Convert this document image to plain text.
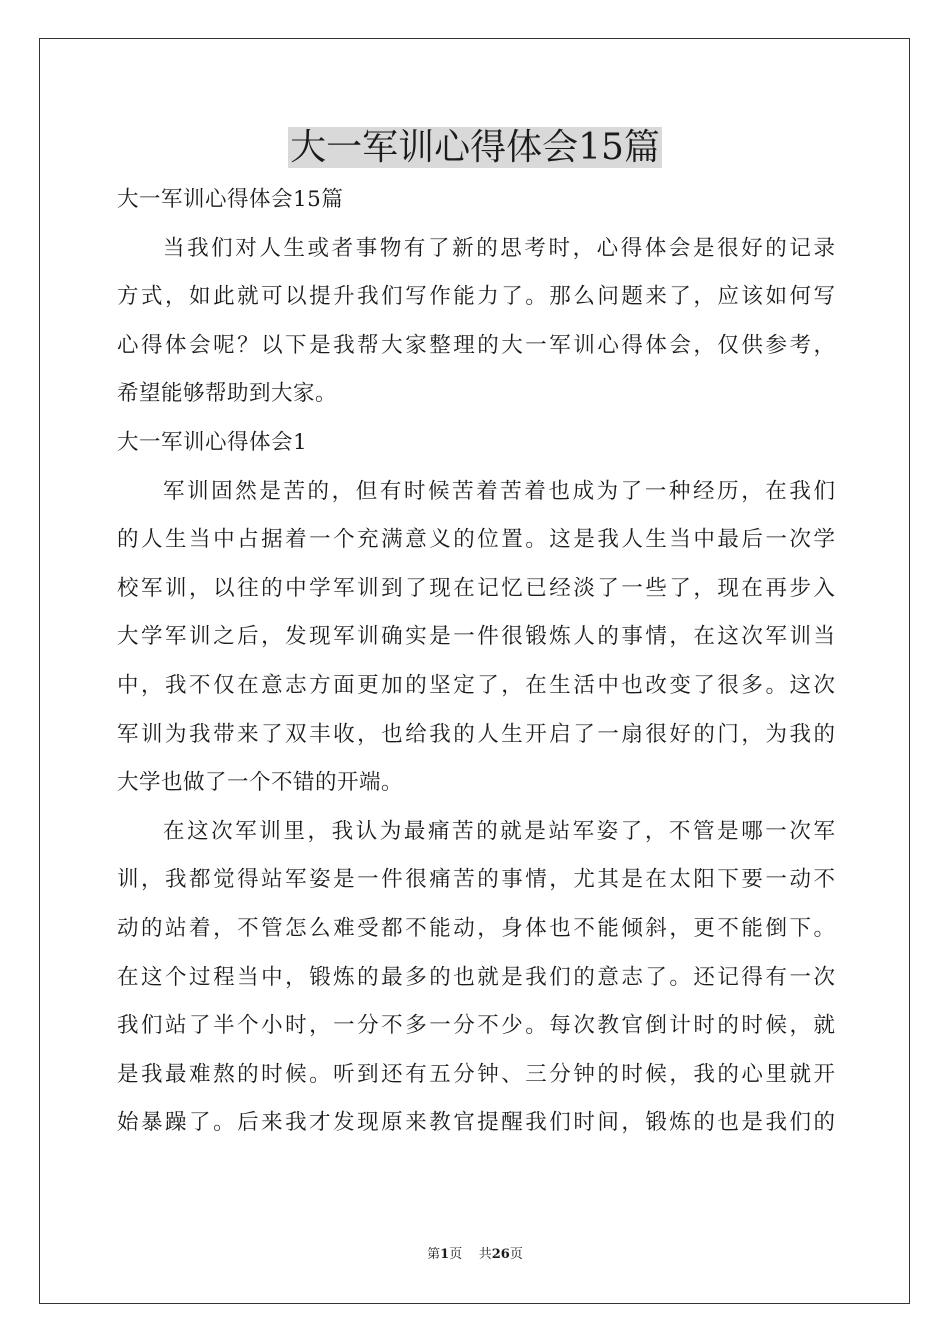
大一军训心得体会15篇

大一军训心得体会15篇

当我们对人生或者事物有了新的思考时，心得体会是很好的记录

方式，如此就可以提升我们写作能力了。那么问题来了，应该如何写

心得体会呢？以下是我帮大家整理的大一军训心得体会，仅供参考，

希望能够帮助到大家。

大一军训心得体会1

军训固然是苦的，但有时候苦着苦着也成为了一种经历，在我们

的人生当中占据着一个充满意义的位置。这是我人生当中最后一次学

校军训，以往的中学军训到了现在记忆已经淡了一些了，现在再步入

大学军训之后，发现军训确实是一件很锻炼人的事情，在这次军训当

中，我不仅在意志方面更加的坚定了，在生活中也改变了很多。这次

军训为我带来了双丰收，也给我的人生开启了一扇很好的门，为我的

大学也做了一个不错的开端。

在这次军训里，我认为最痛苦的就是站军姿了，不管是哪一次军

训，我都觉得站军姿是一件很痛苦的事情，尤其是在太阳下要一动不

动的站着，不管怎么难受都不能动，身体也不能倾斜，更不能倒下。

在这个过程当中，锻炼的最多的也就是我们的意志了。还记得有一次

我们站了半个小时，一分不多一分不少。每次教官倒计时的时候，就

是我最难熬的时候。听到还有五分钟、三分钟的时候，我的心里就开

始暴躁了。后来我才发现原来教官提醒我们时间，锻炼的也是我们的

第1页 共26页
